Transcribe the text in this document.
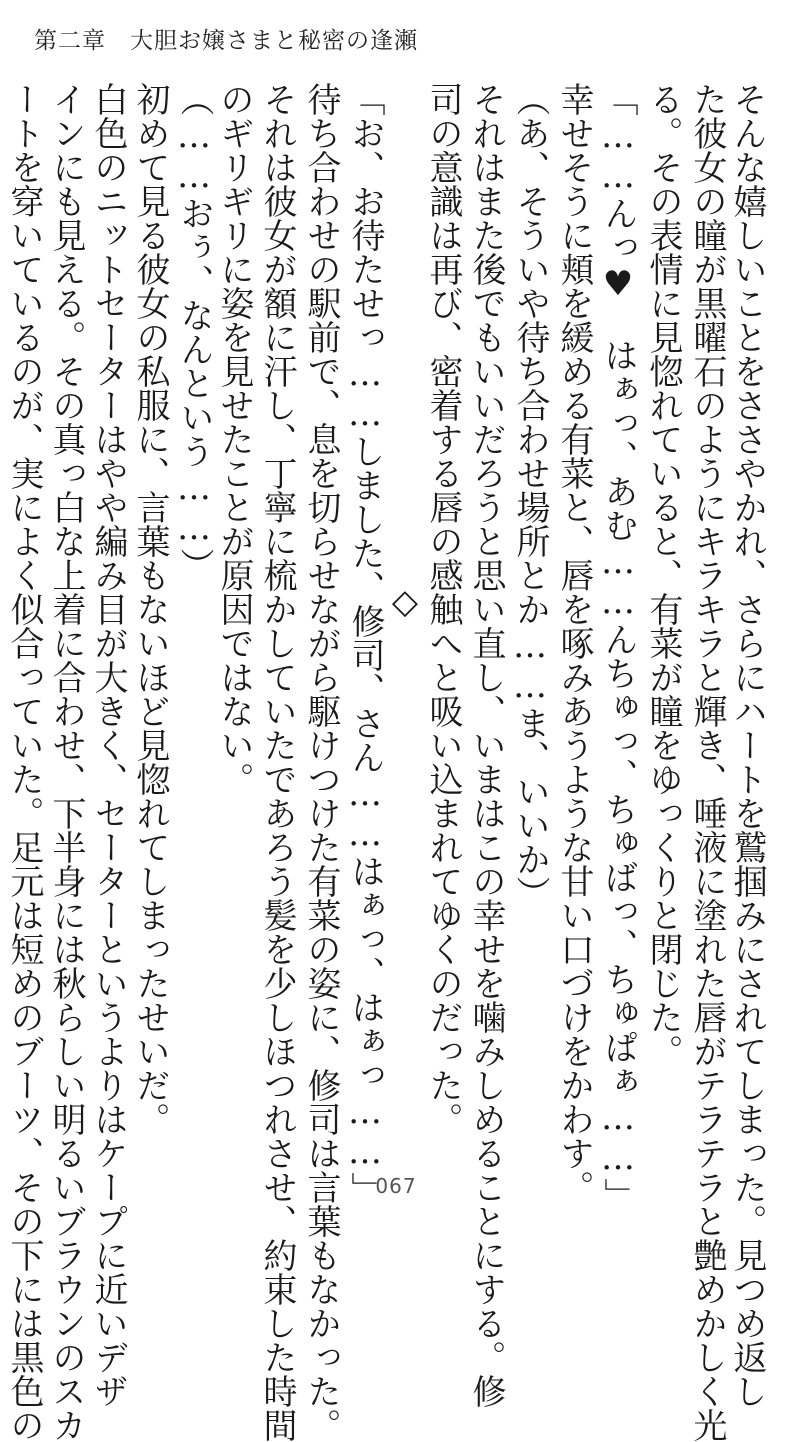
第二章　大胆お嬢さまと秘密の逢瀬
そんな嬉しいことをささやかれ、さらにハートを鷲掴みにされてしまった。見つめ返し
た彼女の瞳が黒曜石のようにキラキラと輝き、唾液に塗れた唇がテラテラと艶めかしく光
る。その表情に見惚れていると、有菜が瞳をゆっくりと閉じた。
「……んっ♥　はぁっ、あむ……んちゅっ、ちゅばっ、ちゅぱぁ……」
幸せそうに頬を緩める有菜と、唇を啄みあうような甘い口づけをかわす。
（あ、そういや待ち合わせ場所とか……ま、いいか）
それはまた後でもいいだろうと思い直し、いまはこの幸せを噛みしめることにする。修
司の意識は再び、密着する唇の感触へと吸い込まれてゆくのだった。
◇
「お、お待たせっ……しました、修司、さん……はぁっ、はぁっ……」
待ち合わせの駅前で、息を切らせながら駆けつけた有菜の姿に、修司は言葉もなかった。
それは彼女が額に汗し、丁寧に梳かしていたであろう髪を少しほつれさせ、約束した時間
のギリギリに姿を見せたことが原因ではない。
（……おぅ、なんという……）
初めて見る彼女の私服に、言葉もないほど見惚れてしまったせいだ。
白色のニットセーターはやや編み目が大きく、セーターというよりはケープに近いデザ
インにも見える。その真っ白な上着に合わせ、下半身には秋らしい明るいブラウンのスカ
ートを穿いているのが、実によく似合っていた。足元は短めのブーツ、その下には黒色の	067
